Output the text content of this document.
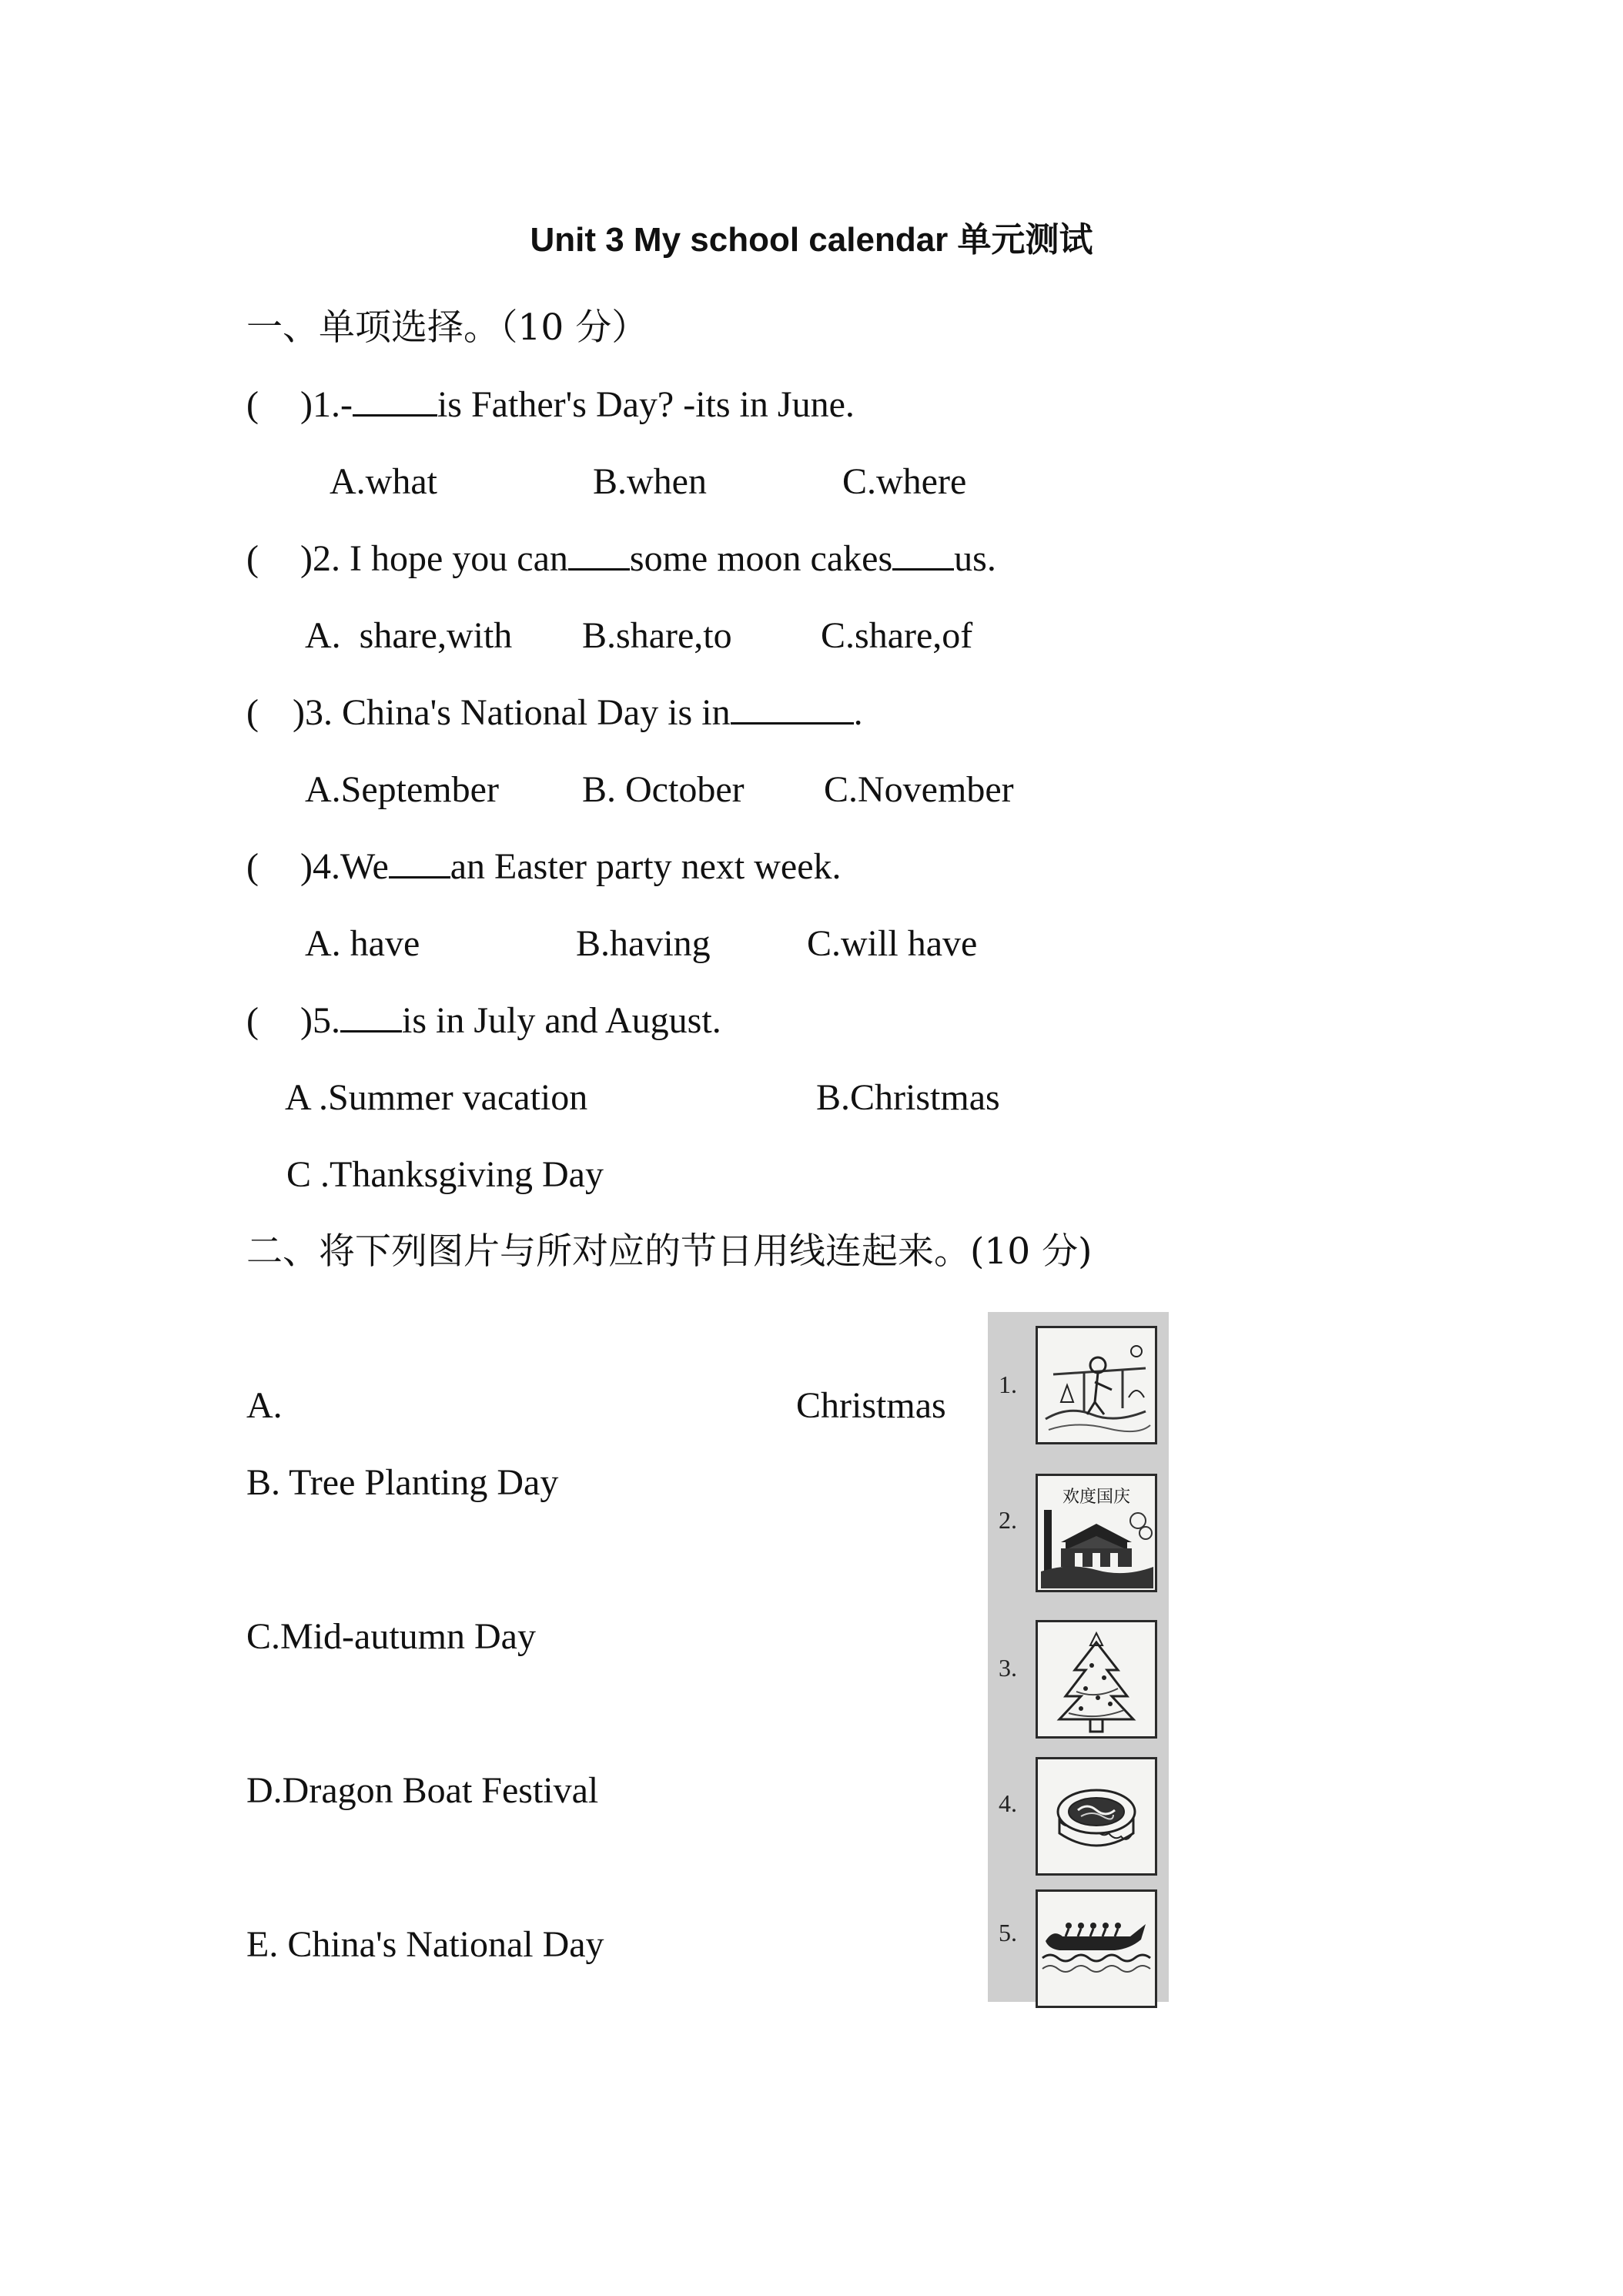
Unit 3 My school calendar 单元测试
一、单项选择。（10 分）
( )1.- is Father's Day? -its in June.
A.what	B.when	C.where
( )2. I hope you can some moon cakes us.
A.  share,with B.share,to C.share,of
( )3. China's National Day is in	.
A.September B. October C.November
( )4.We an Easter party next week.
A. have	B.having	C.will have
( )5. is in July and August.
A .Summer vacation	B.Christmas
C .Thanksgiving Day
二、将下列图片与所对应的节日用线连起来。(10 分)
A.	Christmas
B. Tree Planting Day
C.Mid-autumn Day
D.Dragon Boat Festival
E. China's National Day
1.
2.
欢度国庆
3.
4.
5.
